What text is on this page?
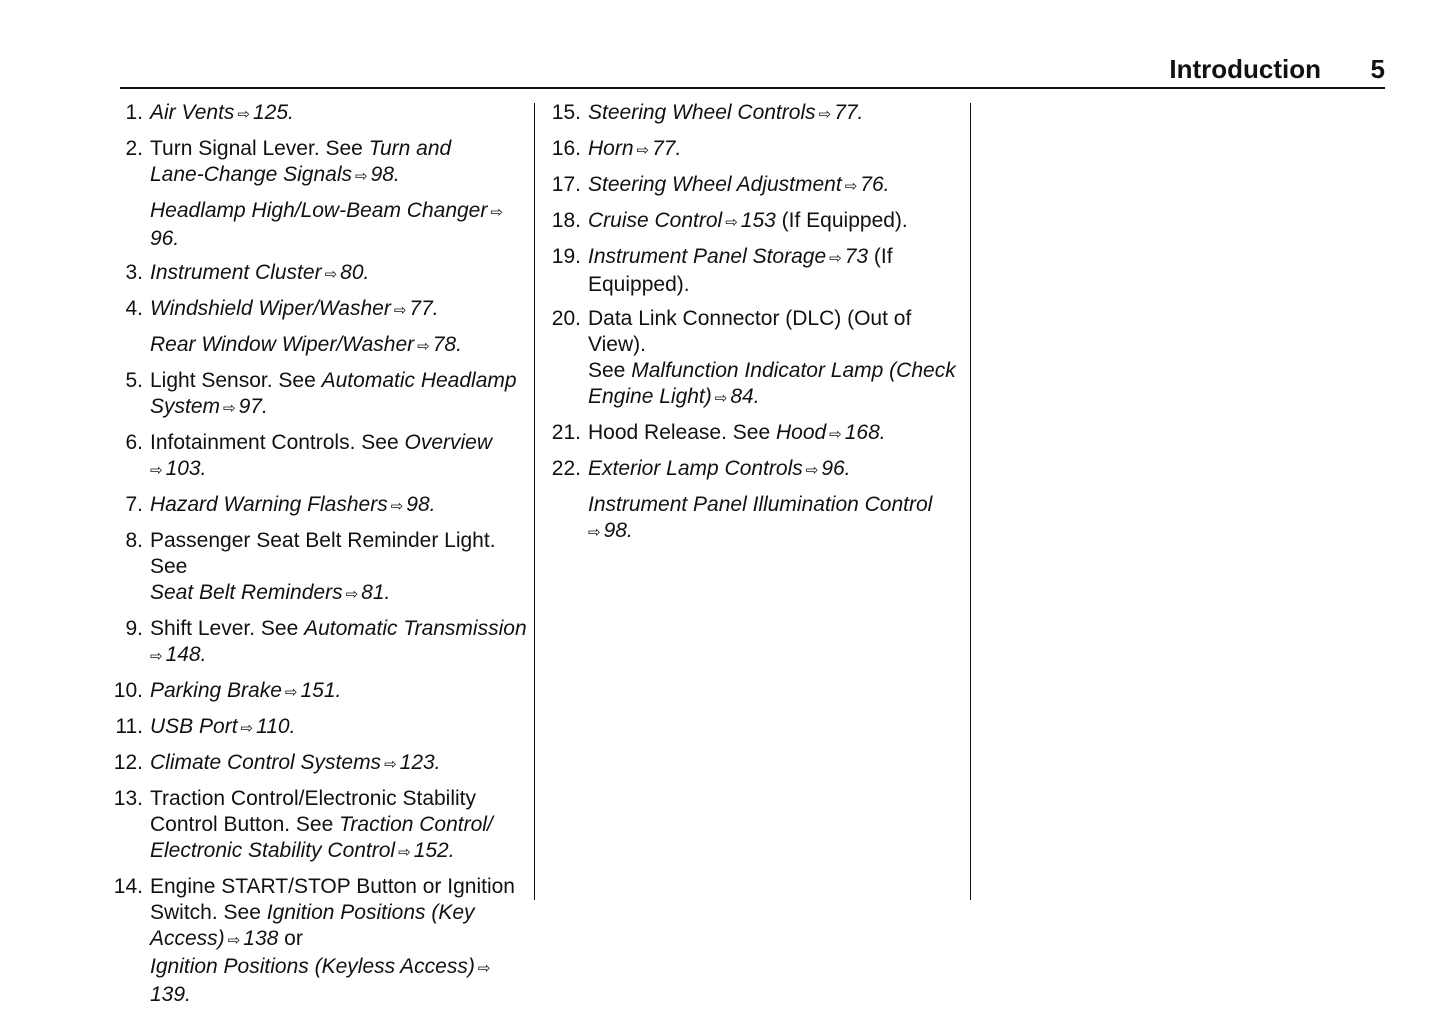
Introduction 5
1. Air Vents ⇨ 125.
2. Turn Signal Lever. See Turn and
Lane-Change Signals ⇨ 98.
Headlamp High/Low-Beam Changer ⇨96.
3. Instrument Cluster ⇨ 80.
4. Windshield Wiper/Washer ⇨ 77.
Rear Window Wiper/Washer ⇨ 78.
5. Light Sensor. See Automatic Headlamp
System ⇨ 97.
6. Infotainment Controls. See Overview
⇨ 103.
7. Hazard Warning Flashers ⇨ 98.
8. Passenger Seat Belt Reminder Light. See
Seat Belt Reminders ⇨ 81.
9. Shift Lever. See Automatic Transmission
⇨ 148.
10. Parking Brake ⇨ 151.
11. USB Port ⇨ 110.
12. Climate Control Systems ⇨ 123.
13. Traction Control/Electronic Stability
Control Button. See Traction Control/
Electronic Stability Control ⇨ 152.
14. Engine START/STOP Button or Ignition
Switch. See Ignition Positions (Key
Access) ⇨ 138 or
Ignition Positions (Keyless Access) ⇨139.
15. Steering Wheel Controls ⇨ 77.
16. Horn ⇨ 77.
17. Steering Wheel Adjustment ⇨ 76.
18. Cruise Control ⇨ 153 (If Equipped).
19. Instrument Panel Storage ⇨ 73 (If
Equipped).
20. Data Link Connector (DLC) (Out of View).
See Malfunction Indicator Lamp (Check
Engine Light) ⇨ 84.
21. Hood Release. See Hood ⇨ 168.
22. Exterior Lamp Controls ⇨ 96.
Instrument Panel Illumination Control
⇨ 98.
